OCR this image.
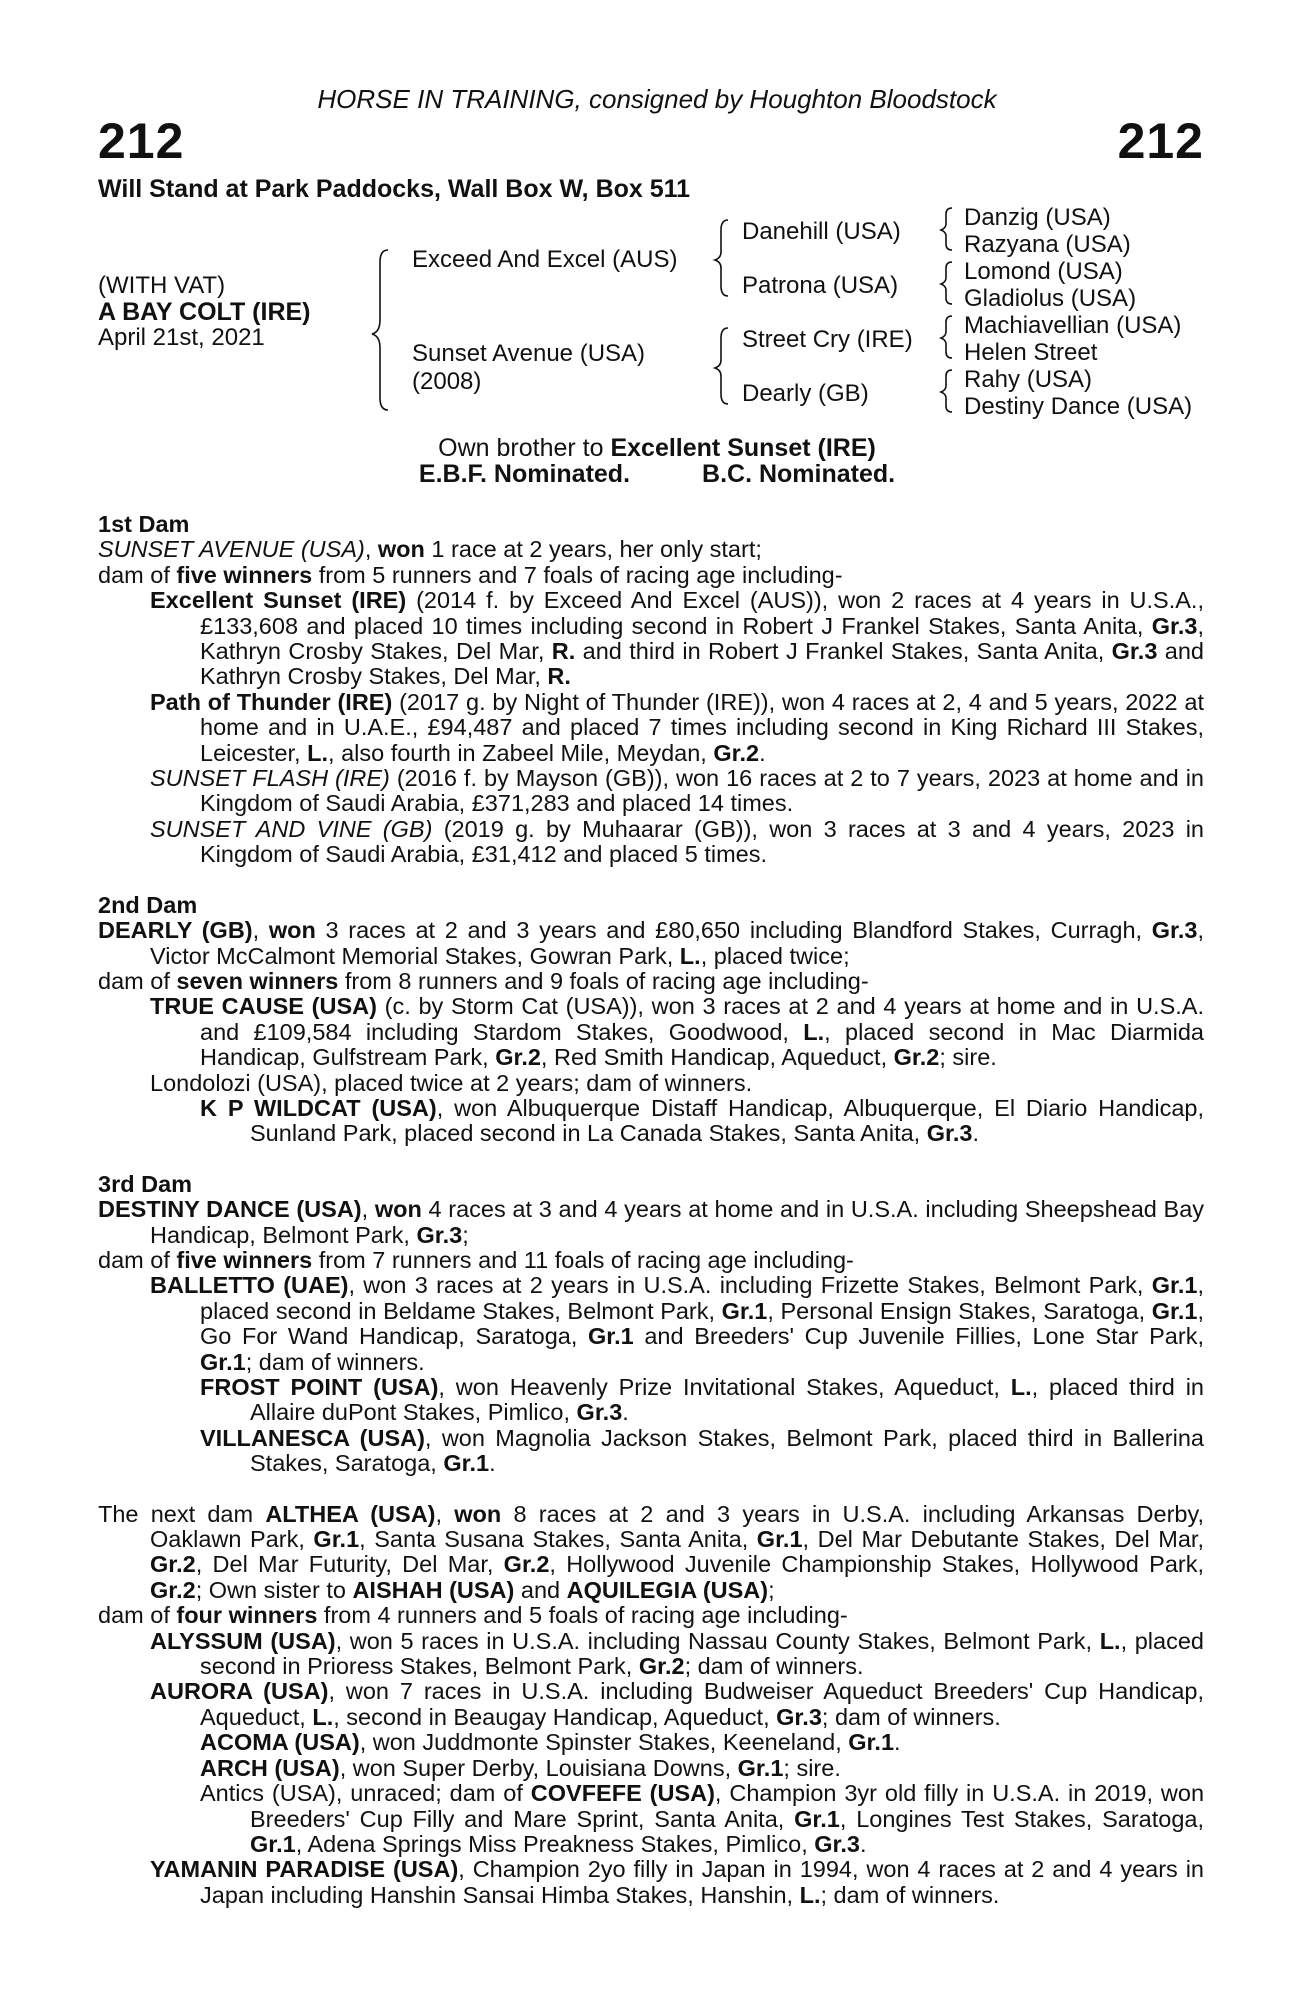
HORSE IN TRAINING, consigned by Houghton Bloodstock
212	212
Will Stand at Park Paddocks, Wall Box W, Box 511
(WITH VAT)
A BAY COLT (IRE)
April 21st, 2021
Exceed And Excel (AUS)
Sunset Avenue (USA)
(2008)
Danehill (USA)
Patrona (USA)
Street Cry (IRE)
Dearly (GB)
Danzig (USA)
Razyana (USA)
Lomond (USA)
Gladiolus (USA)
Machiavellian (USA)
Helen Street
Rahy (USA)
Destiny Dance (USA)
Own brother to Excellent Sunset (IRE)
E.B.F. Nominated.	B.C. Nominated.

1st Dam

SUNSET AVENUE (USA), won 1 race at 2 years, her only start;

dam of five winners from 5 runners and 7 foals of racing age including-

Excellent Sunset (IRE) (2014 f. by Exceed And Excel (AUS)), won 2 races at 4 years in U.S.A., £133,608 and placed 10 times including second in Robert J Frankel Stakes, Santa Anita, Gr.3, Kathryn Crosby Stakes, Del Mar, R. and third in Robert J Frankel Stakes, Santa Anita, Gr.3 and Kathryn Crosby Stakes, Del Mar, R.

Path of Thunder (IRE) (2017 g. by Night of Thunder (IRE)), won 4 races at 2, 4 and 5 years, 2022 at home and in U.A.E., £94,487 and placed 7 times including second in King Richard III Stakes, Leicester, L., also fourth in Zabeel Mile, Meydan, Gr.2.

SUNSET FLASH (IRE) (2016 f. by Mayson (GB)), won 16 races at 2 to 7 years, 2023 at home and in Kingdom of Saudi Arabia, £371,283 and placed 14 times.

SUNSET AND VINE (GB) (2019 g. by Muhaarar (GB)), won 3 races at 3 and 4 years, 2023 in Kingdom of Saudi Arabia, £31,412 and placed 5 times.

2nd Dam

DEARLY (GB), won 3 races at 2 and 3 years and £80,650 including Blandford Stakes, Curragh, Gr.3, Victor McCalmont Memorial Stakes, Gowran Park, L., placed twice;

dam of seven winners from 8 runners and 9 foals of racing age including-

TRUE CAUSE (USA) (c. by Storm Cat (USA)), won 3 races at 2 and 4 years at home and in U.S.A. and £109,584 including Stardom Stakes, Goodwood, L., placed second in Mac Diarmida Handicap, Gulfstream Park, Gr.2, Red Smith Handicap, Aqueduct, Gr.2; sire.

Londolozi (USA), placed twice at 2 years; dam of winners.

K P WILDCAT (USA), won Albuquerque Distaff Handicap, Albuquerque, El Diario Handicap, Sunland Park, placed second in La Canada Stakes, Santa Anita, Gr.3.

3rd Dam

DESTINY DANCE (USA), won 4 races at 3 and 4 years at home and in U.S.A. including Sheepshead Bay Handicap, Belmont Park, Gr.3;

dam of five winners from 7 runners and 11 foals of racing age including-

BALLETTO (UAE), won 3 races at 2 years in U.S.A. including Frizette Stakes, Belmont Park, Gr.1, placed second in Beldame Stakes, Belmont Park, Gr.1, Personal Ensign Stakes, Saratoga, Gr.1, Go For Wand Handicap, Saratoga, Gr.1 and Breeders' Cup Juvenile Fillies, Lone Star Park, Gr.1; dam of winners.

FROST POINT (USA), won Heavenly Prize Invitational Stakes, Aqueduct, L., placed third in Allaire duPont Stakes, Pimlico, Gr.3.

VILLANESCA (USA), won Magnolia Jackson Stakes, Belmont Park, placed third in Ballerina Stakes, Saratoga, Gr.1.

The next dam ALTHEA (USA), won 8 races at 2 and 3 years in U.S.A. including Arkansas Derby, Oaklawn Park, Gr.1, Santa Susana Stakes, Santa Anita, Gr.1, Del Mar Debutante Stakes, Del Mar, Gr.2, Del Mar Futurity, Del Mar, Gr.2, Hollywood Juvenile Championship Stakes, Hollywood Park, Gr.2; Own sister to AISHAH (USA) and AQUILEGIA (USA);

dam of four winners from 4 runners and 5 foals of racing age including-

ALYSSUM (USA), won 5 races in U.S.A. including Nassau County Stakes, Belmont Park, L., placed second in Prioress Stakes, Belmont Park, Gr.2; dam of winners.

AURORA (USA), won 7 races in U.S.A. including Budweiser Aqueduct Breeders' Cup Handicap, Aqueduct, L., second in Beaugay Handicap, Aqueduct, Gr.3; dam of winners.

ACOMA (USA), won Juddmonte Spinster Stakes, Keeneland, Gr.1.

ARCH (USA), won Super Derby, Louisiana Downs, Gr.1; sire.

Antics (USA), unraced; dam of COVFEFE (USA), Champion 3yr old filly in U.S.A. in 2019, won Breeders' Cup Filly and Mare Sprint, Santa Anita, Gr.1, Longines Test Stakes, Saratoga, Gr.1, Adena Springs Miss Preakness Stakes, Pimlico, Gr.3.

YAMANIN PARADISE (USA), Champion 2yo filly in Japan in 1994, won 4 races at 2 and 4 years in Japan including Hanshin Sansai Himba Stakes, Hanshin, L.; dam of winners.
